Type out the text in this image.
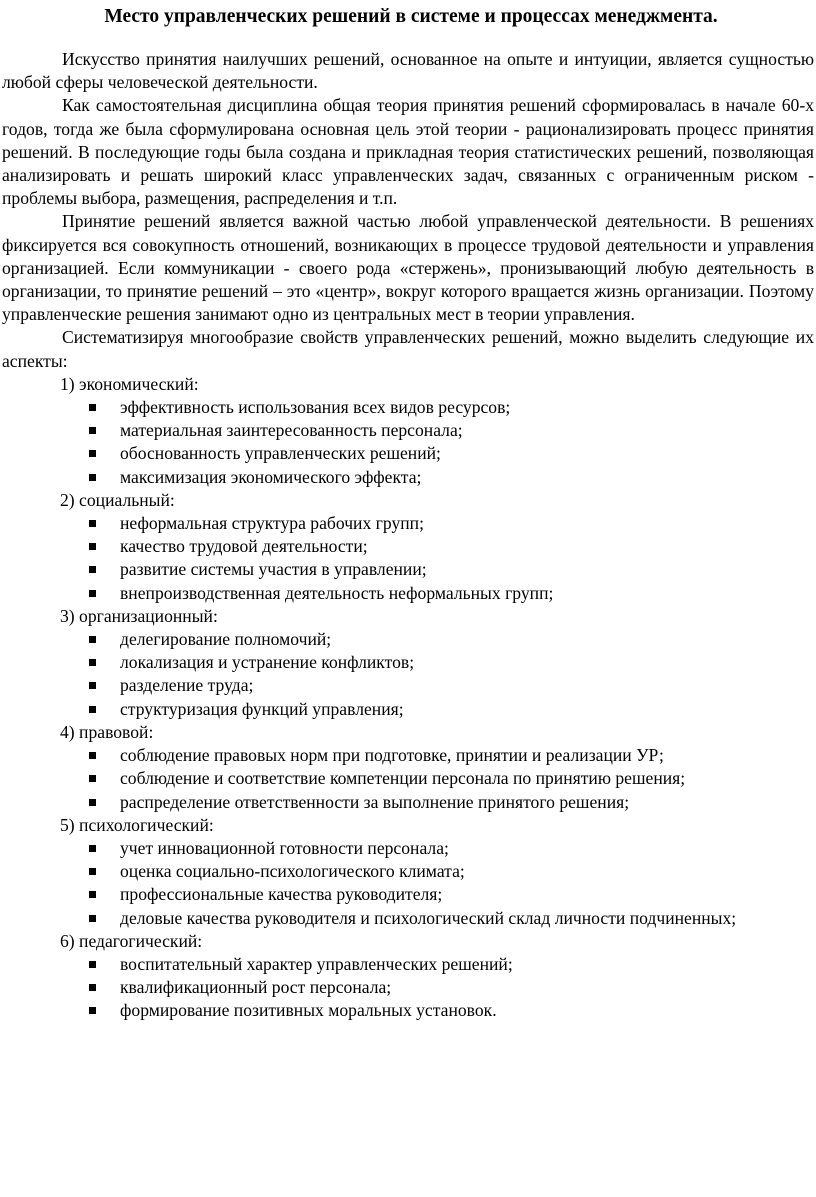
Место управленческих решений в системе и процессах менеджмента.

Искусство принятия наилучших решений, основанное на опыте и интуиции, является сущностью любой сферы человеческой деятельности.

Как самостоятельная дисциплина общая теория принятия решений сформировалась в начале 60-х годов, тогда же была сформулирована основная цель этой теории - рационализировать процесс принятия решений. В последующие годы была создана и прикладная теория статистических решений, позволяющая анализировать и решать широкий класс управленческих задач, связанных с ограниченным риском - проблемы выбора, размещения, распределения и т.п.

Принятие решений является важной частью любой управленческой деятельности. В решениях фиксируется вся совокупность отношений, возникающих в процессе трудовой деятельности и управления организацией. Если коммуникации - своего рода «стержень», пронизывающий любую деятельность в организации, то принятие решений – это «центр», вокруг которого вращается жизнь организации. Поэтому управленческие решения занимают одно из центральных мест в теории управления.

Систематизируя многообразие свойств управленческих решений, можно выделить следующие их аспекты:

1) экономический:

эффективность использования всех видов ресурсов;
материальная заинтересованность персонала;
обоснованность управленческих решений;
максимизация экономического эффекта;

2) социальный:

неформальная структура рабочих групп;
качество трудовой деятельности;
развитие системы участия в управлении;
внепроизводственная деятельность неформальных групп;

3) организационный:

делегирование полномочий;
локализация и устранение конфликтов;
разделение труда;
структуризация функций управления;

4) правовой:

соблюдение правовых норм при подготовке, принятии и реализации УР;
соблюдение и соответствие компетенции персонала по принятию решения;
распределение ответственности за выполнение принятого решения;

5) психологический:

учет инновационной готовности персонала;
оценка социально-психологического климата;
профессиональные качества руководителя;
деловые качества руководителя и психологический склад личности подчиненных;

6) педагогический:

воспитательный характер управленческих решений;
квалификационный рост персонала;
формирование позитивных моральных установок.
